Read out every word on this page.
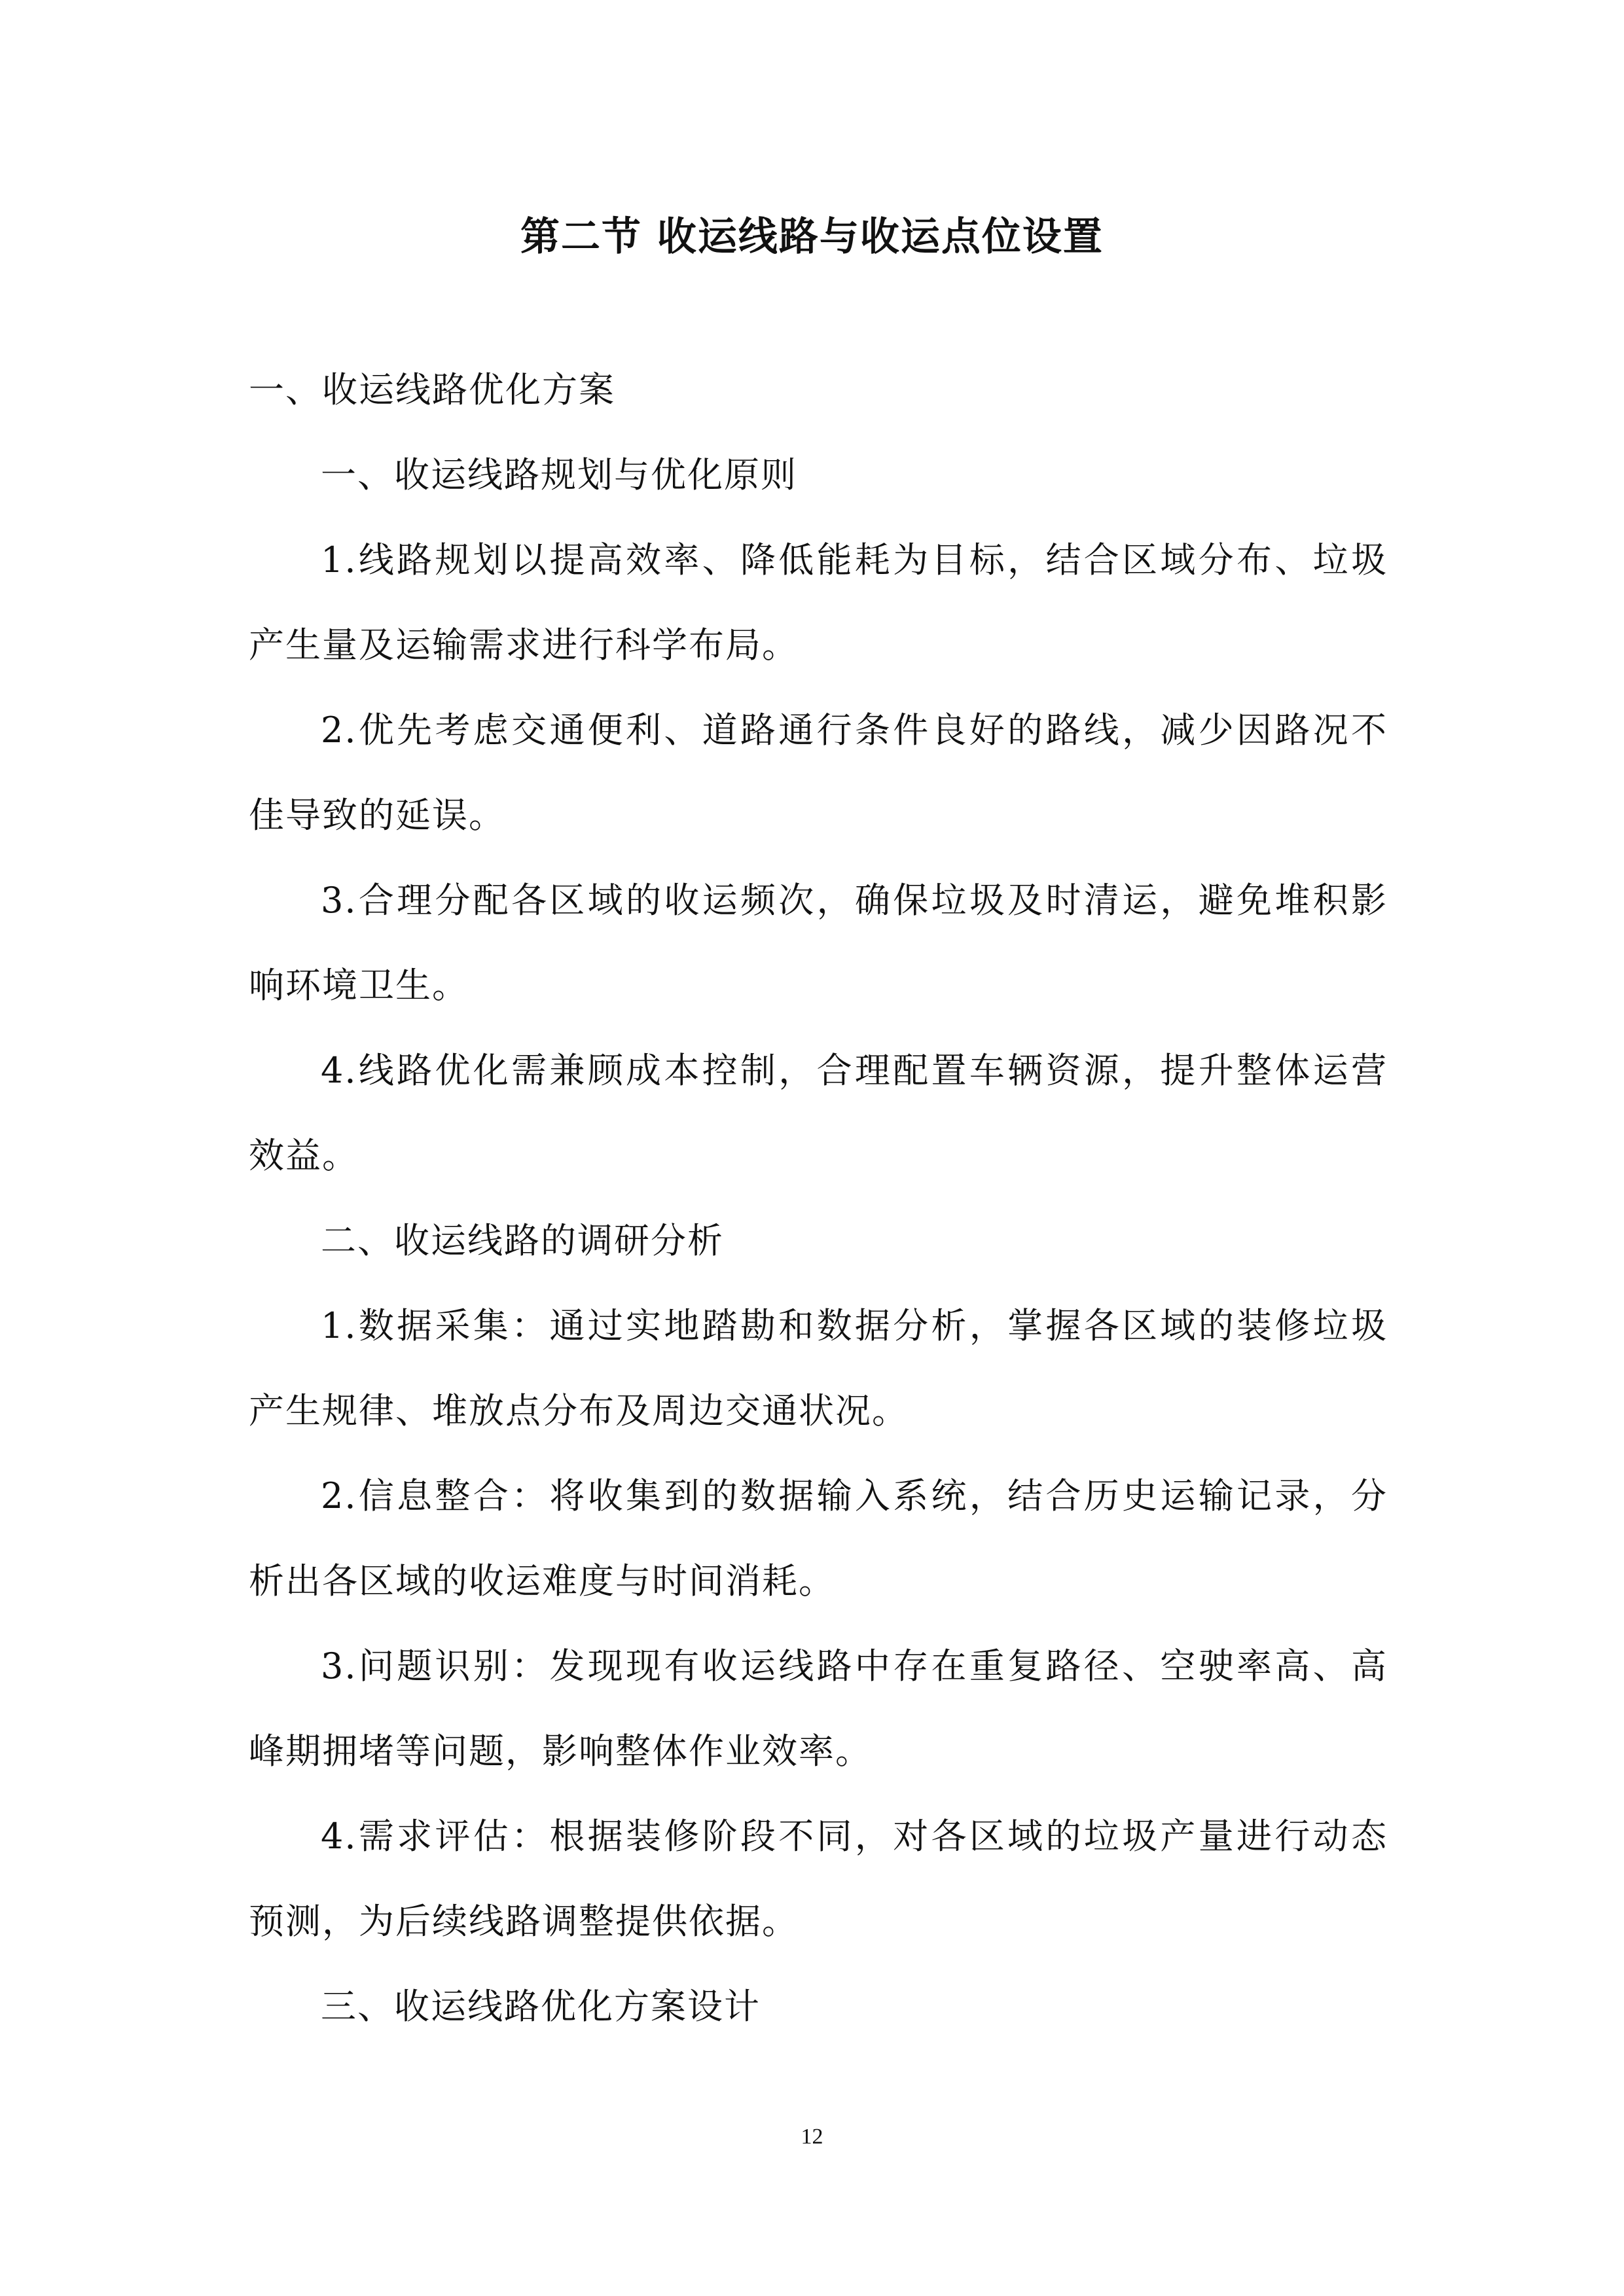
第二节 收运线路与收运点位设置
一、收运线路优化方案
一、收运线路规划与优化原则
1.线路规划以提高效率、降低能耗为目标，结合区域分布、垃圾
产生量及运输需求进行科学布局。
2.优先考虑交通便利、道路通行条件良好的路线，减少因路况不
佳导致的延误。
3.合理分配各区域的收运频次，确保垃圾及时清运，避免堆积影
响环境卫生。
4.线路优化需兼顾成本控制，合理配置车辆资源，提升整体运营
效益。
二、收运线路的调研分析
1.数据采集：通过实地踏勘和数据分析，掌握各区域的装修垃圾
产生规律、堆放点分布及周边交通状况。
2.信息整合：将收集到的数据输入系统，结合历史运输记录，分
析出各区域的收运难度与时间消耗。
3.问题识别：发现现有收运线路中存在重复路径、空驶率高、高
峰期拥堵等问题，影响整体作业效率。
4.需求评估：根据装修阶段不同，对各区域的垃圾产量进行动态
预测，为后续线路调整提供依据。
三、收运线路优化方案设计
12
